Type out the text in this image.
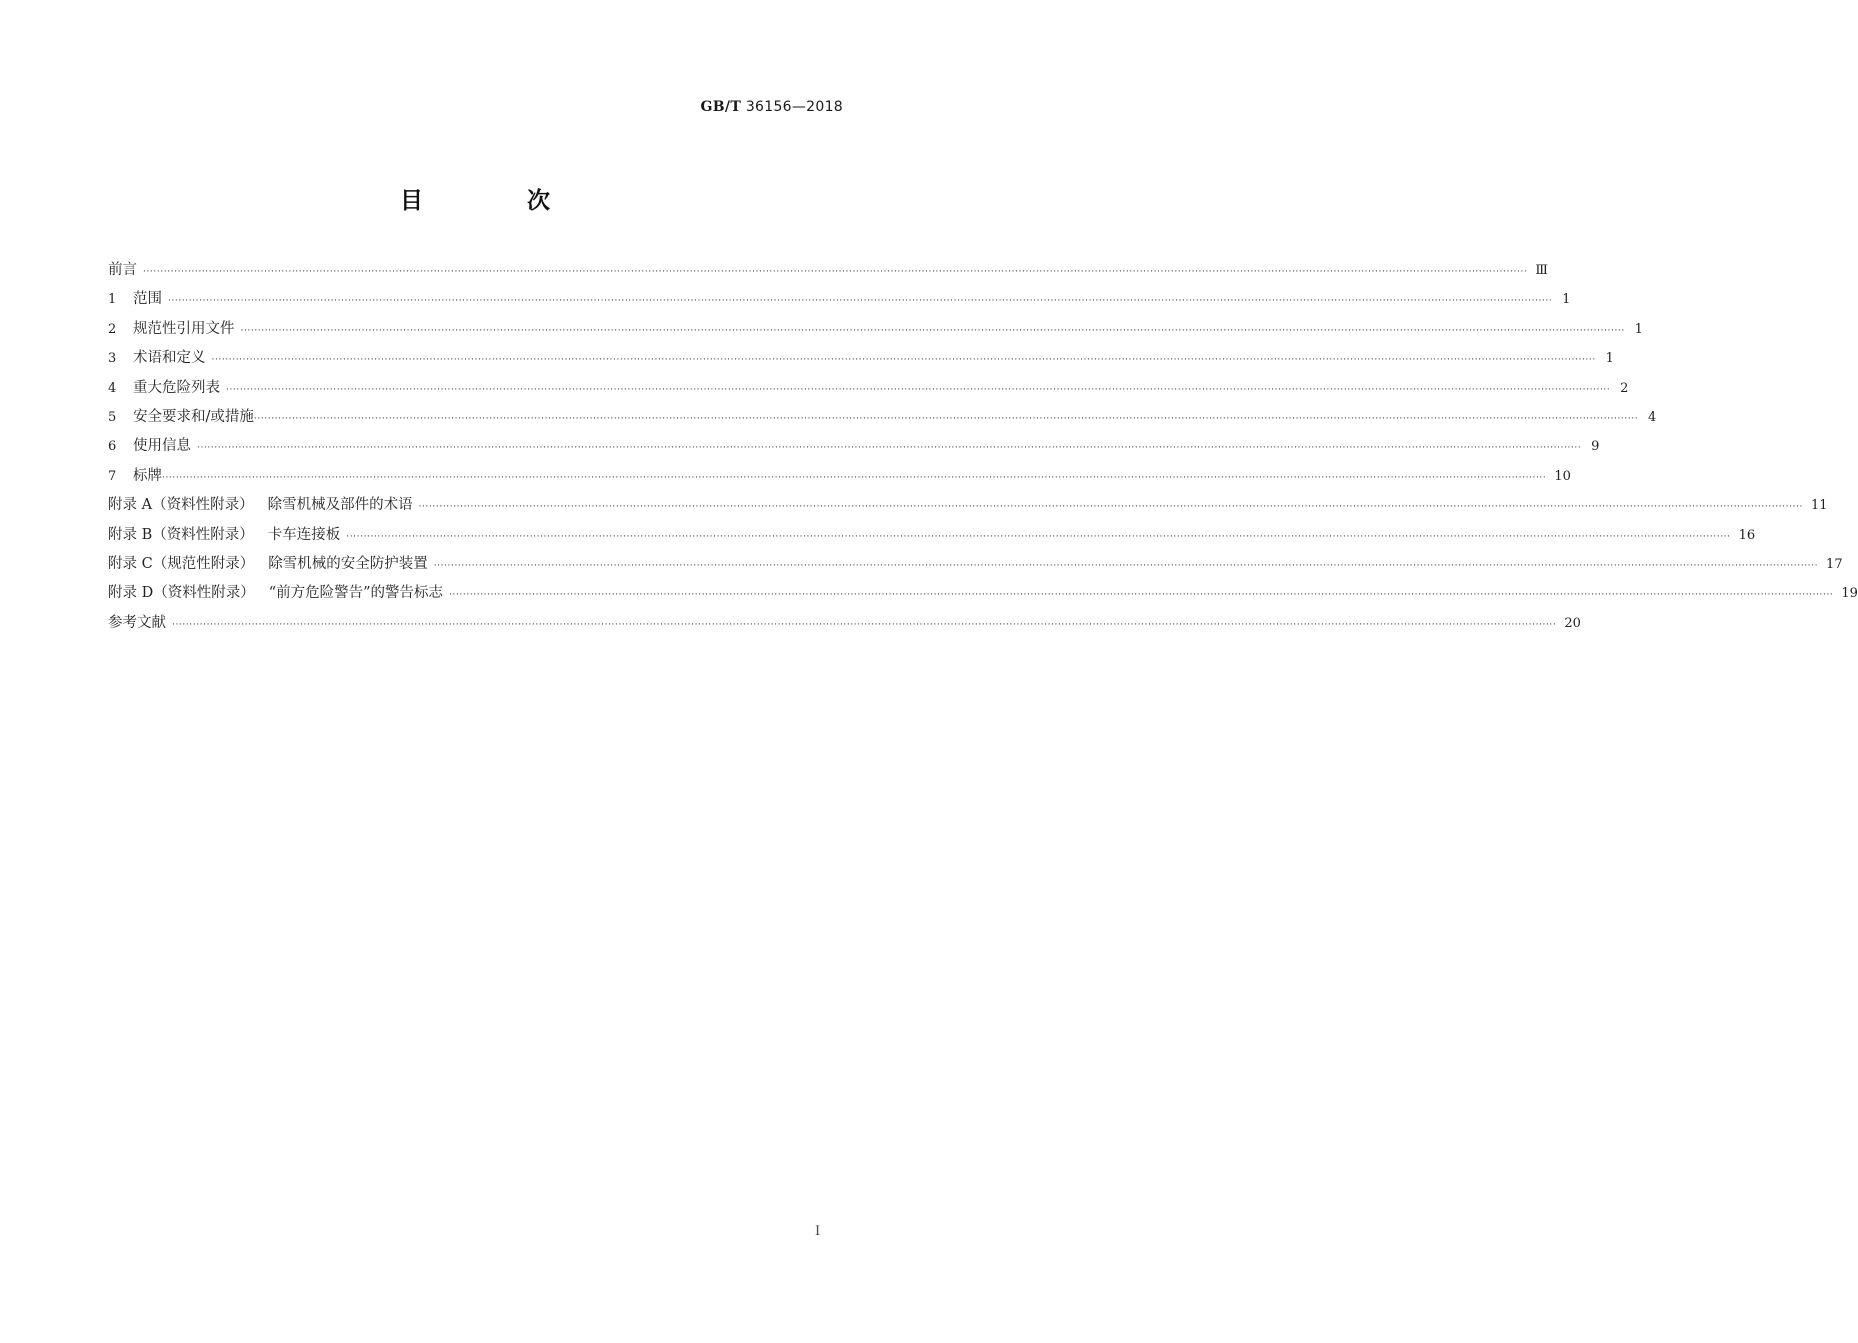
GB/T 36156—2018
目 次
前言 ················································································································································································································································································································································································································ Ⅲ
1	范围 ················································································································································································································································································································································································································ 1
2	规范性引用文件 ················································································································································································································································································································································································································ 1
3	术语和定义 ················································································································································································································································································································································································································ 1
4	重大危险列表 ················································································································································································································································································································································································································ 2
5	安全要求和/或措施 ················································································································································································································································································································································································································ 4
6	使用信息 ················································································································································································································································································································································································································ 9
7	标牌 ················································································································································································································································································································································································································ 10
附录 A（资料性附录） 除雪机械及部件的术语 ················································································································································································································································································································································································································ 11
附录 B（资料性附录） 卡车连接板 ················································································································································································································································································································································································································ 16
附录 C（规范性附录） 除雪机械的安全防护装置 ················································································································································································································································································································································································································ 17
附录 D（资料性附录） “前方危险警告”的警告标志 ················································································································································································································································································································································································································ 19
参考文献 ················································································································································································································································································································································································································ 20
Ⅰ
